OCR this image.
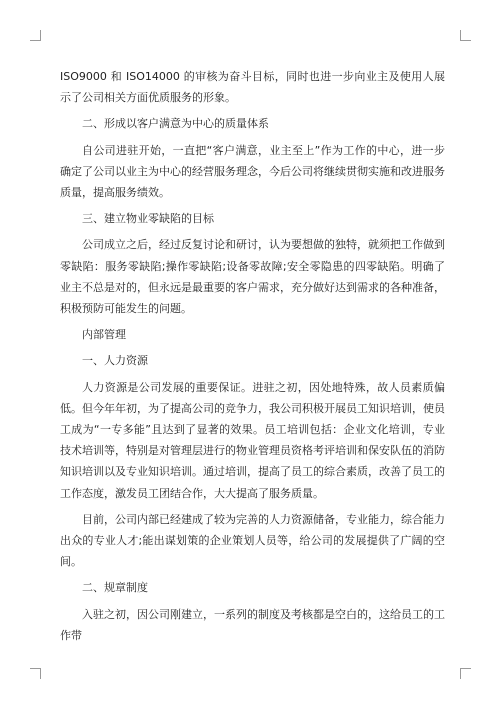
ISO9000 和 ISO14000 的审核为奋斗目标，同时也进一步向业主及使用人展示了公司相关方面优质服务的形象。

二、形成以客户满意为中心的质量体系

自公司进驻开始，一直把“客户满意，业主至上”作为工作的中心，进一步确定了公司以业主为中心的经营服务理念，今后公司将继续贯彻实施和改进服务质量，提高服务绩效。

三、建立物业零缺陷的目标

公司成立之后，经过反复讨论和研讨，认为要想做的独特，就须把工作做到零缺陷：服务零缺陷;操作零缺陷;设备零故障;安全零隐患的四零缺陷。明确了业主不总是对的，但永远是最重要的客户需求，充分做好达到需求的各种准备，积极预防可能发生的问题。

内部管理

一、人力资源

人力资源是公司发展的重要保证。进驻之初，因处地特殊，故人员素质偏低。但今年年初，为了提高公司的竞争力，我公司积极开展员工知识培训，使员工成为“一专多能”且达到了显著的效果。员工培训包括：企业文化培训，专业技术培训等，特别是对管理层进行的物业管理员资格考评培训和保安队伍的消防知识培训以及专业知识培训。通过培训，提高了员工的综合素质，改善了员工的工作态度，激发员工团结合作，大大提高了服务质量。

目前，公司内部已经建成了较为完善的人力资源储备，专业能力，综合能力出众的专业人才;能出谋划策的企业策划人员等，给公司的发展提供了广阔的空间。

二、规章制度

入驻之初，因公司刚建立，一系列的制度及考核都是空白的，这给员工的工作带
